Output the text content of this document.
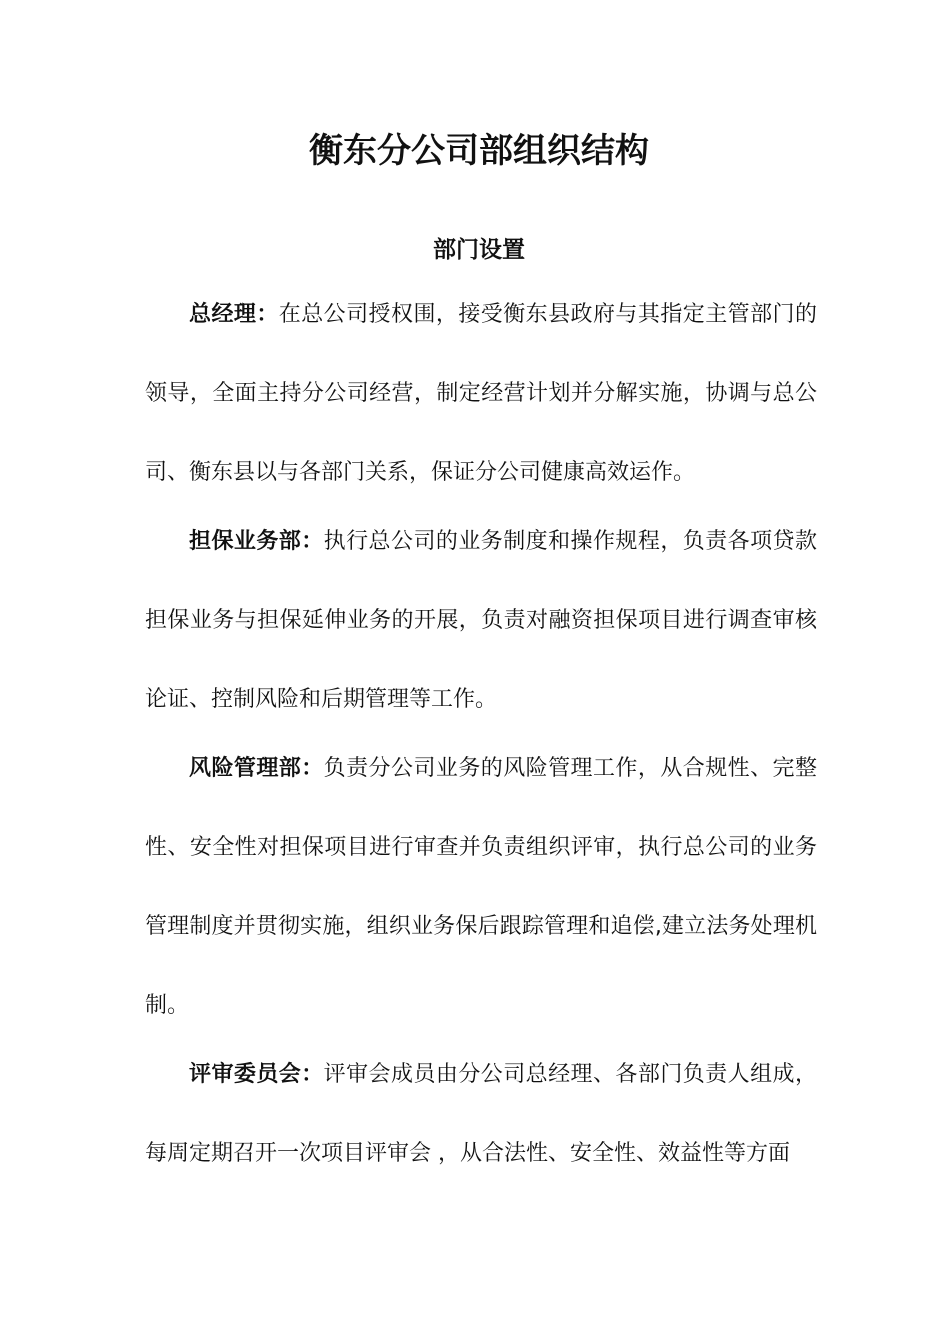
衡东分公司部组织结构
部门设置

总经理：在总公司授权围，接受衡东县政府与其指定主管部门的领导，全面主持分公司经营，制定经营计划并分解实施，协调与总公司、衡东县以与各部门关系，保证分公司健康高效运作。

担保业务部：执行总公司的业务制度和操作规程，负责各项贷款担保业务与担保延伸业务的开展，负责对融资担保项目进行调查审核论证、控制风险和后期管理等工作。

风险管理部：负责分公司业务的风险管理工作，从合规性、完整性、安全性对担保项目进行审查并负责组织评审，执行总公司的业务管理制度并贯彻实施，组织业务保后跟踪管理和追偿,建立法务处理机制。

评审委员会：评审会成员由分公司总经理、各部门负责人组成，每周定期召开一次项目评审会 ，从合法性、安全性、效益性等方面
